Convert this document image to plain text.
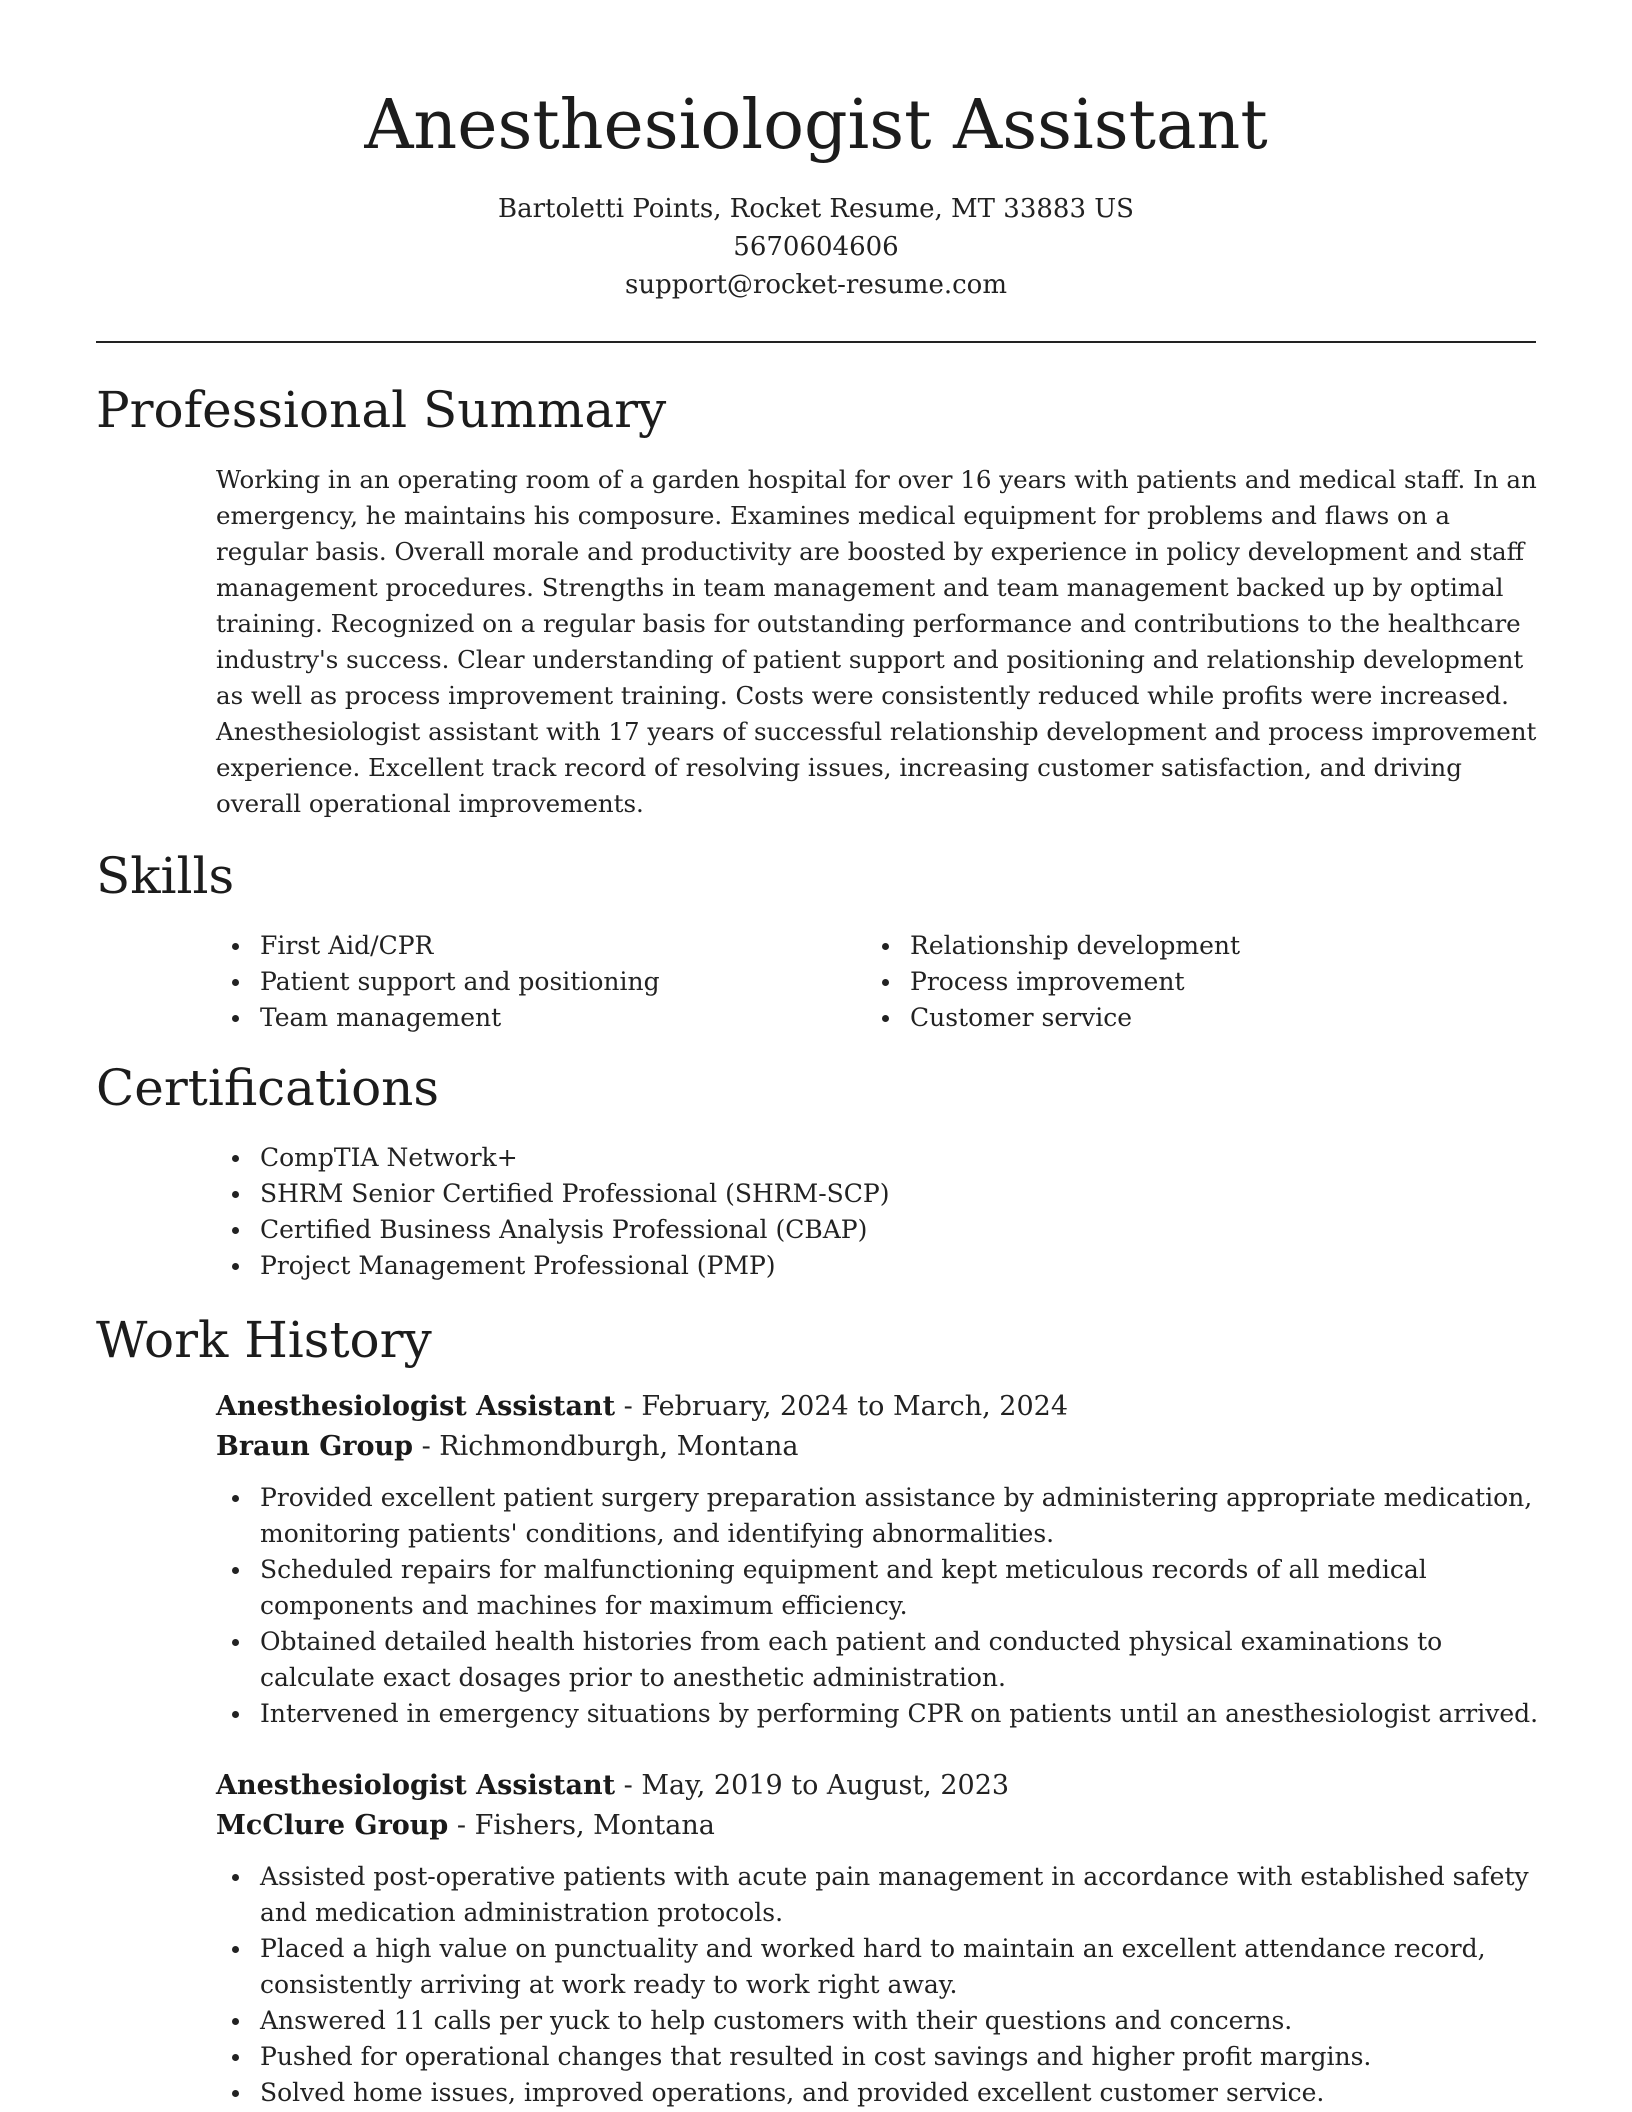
Anesthesiologist Assistant
Bartoletti Points, Rocket Resume, MT 33883 US
5670604606
support@rocket-resume.com
Professional Summary

Working in an operating room of a garden hospital for over 16 years with patients and medical staff. In an emergency, he maintains his composure. Examines medical equipment for problems and flaws on a regular basis. Overall morale and productivity are boosted by experience in policy development and staff management procedures. Strengths in team management and team management backed up by optimal training. Recognized on a regular basis for outstanding performance and contributions to the healthcare industry's success. Clear understanding of patient support and positioning and relationship development as well as process improvement training. Costs were consistently reduced while profits were increased. Anesthesiologist assistant with 17 years of successful relationship development and process improvement experience. Excellent track record of resolving issues, increasing customer satisfaction, and driving overall operational improvements.

Skills
First Aid/CPR
Patient support and positioning
Team management
Relationship development
Process improvement
Customer service
Certifications
CompTIA Network+
SHRM Senior Certified Professional (SHRM-SCP)
Certified Business Analysis Professional (CBAP)
Project Management Professional (PMP)
Work History
Anesthesiologist Assistant - February, 2024 to March, 2024
Braun Group - Richmondburgh, Montana
Provided excellent patient surgery preparation assistance by administering appropriate medication, monitoring patients' conditions, and identifying abnormalities.
Scheduled repairs for malfunctioning equipment and kept meticulous records of all medical components and machines for maximum efficiency.
Obtained detailed health histories from each patient and conducted physical examinations to calculate exact dosages prior to anesthetic administration.
Intervened in emergency situations by performing CPR on patients until an anesthesiologist arrived.
Anesthesiologist Assistant - May, 2019 to August, 2023
McClure Group - Fishers, Montana
Assisted post-operative patients with acute pain management in accordance with established safety and medication administration protocols.
Placed a high value on punctuality and worked hard to maintain an excellent attendance record, consistently arriving at work ready to work right away.
Answered 11 calls per yuck to help customers with their questions and concerns.
Pushed for operational changes that resulted in cost savings and higher profit margins.
Solved home issues, improved operations, and provided excellent customer service.
